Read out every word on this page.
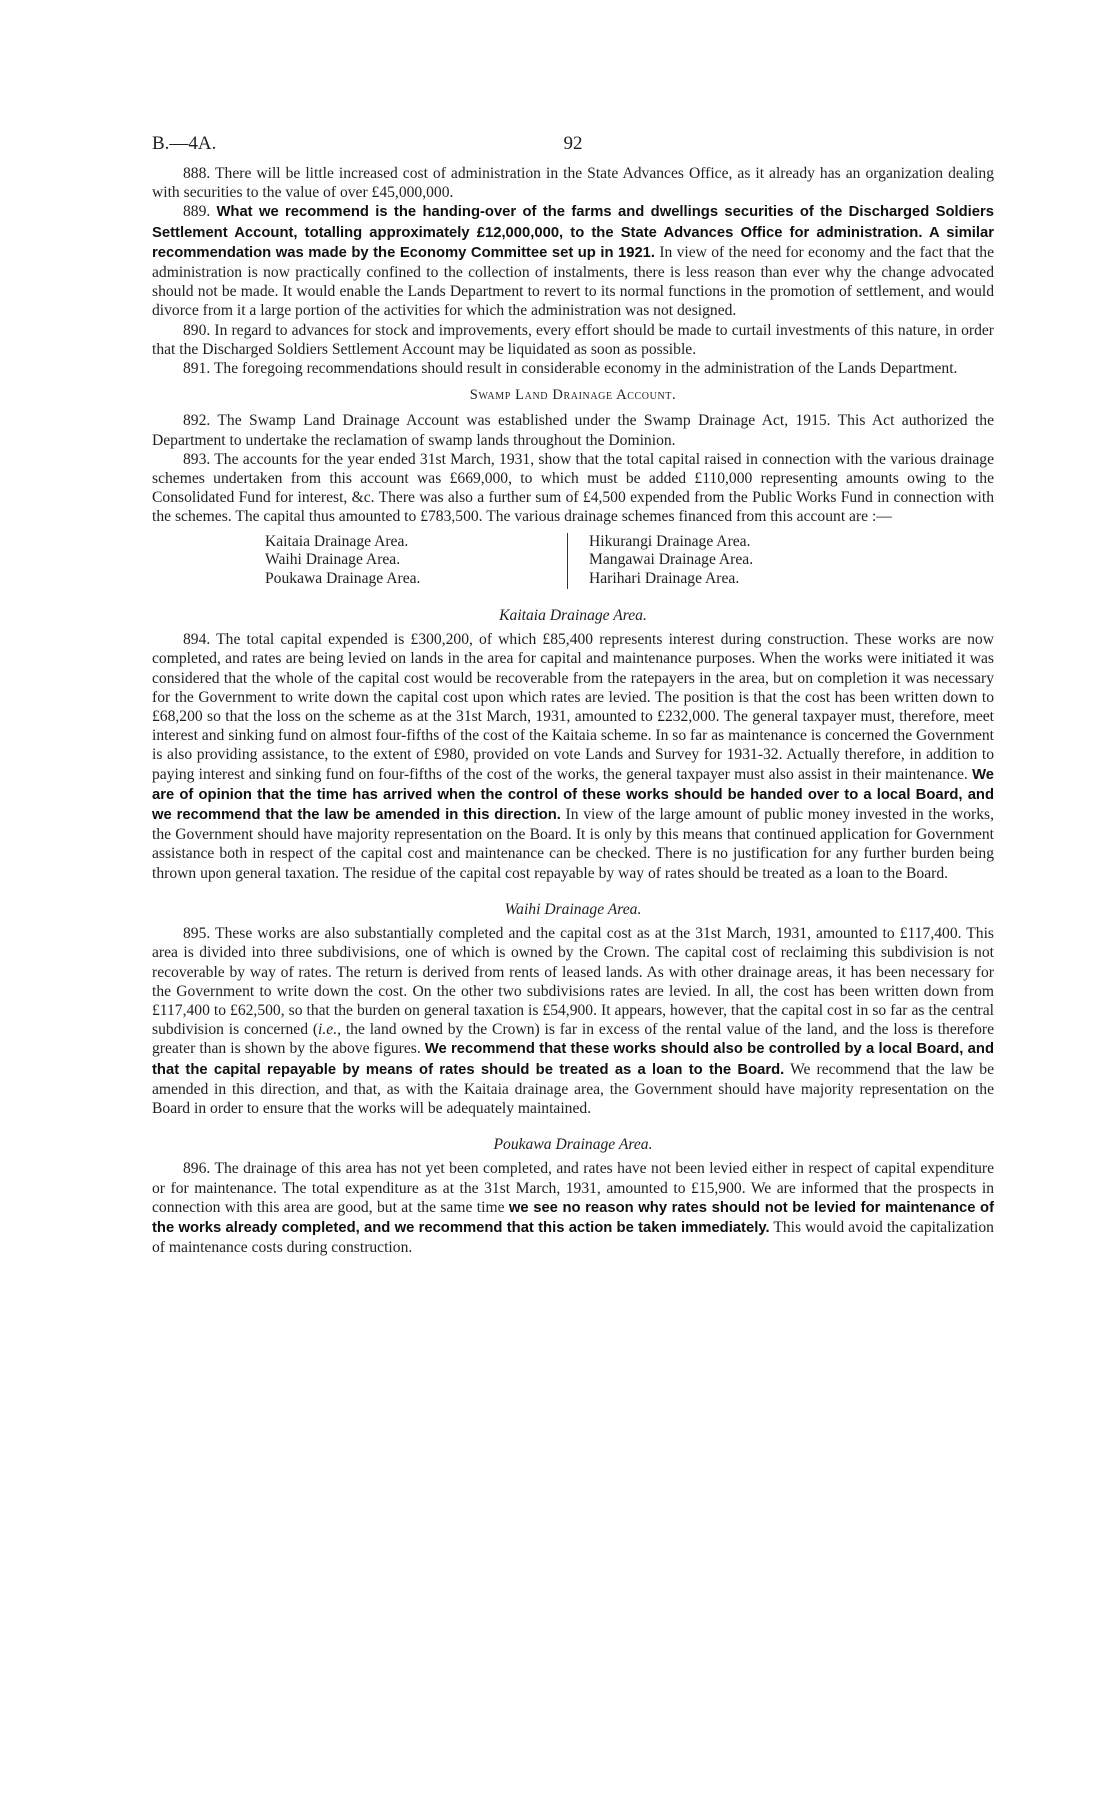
B.—4A.	92

888. There will be little increased cost of administration in the State Advances Office, as it already has an organization dealing with securities to the value of over £45,000,000.

889. What we recommend is the handing-over of the farms and dwellings securities of the Discharged Soldiers Settlement Account, totalling approximately £12,000,000, to the State Advances Office for administration. A similar recommendation was made by the Economy Committee set up in 1921. In view of the need for economy and the fact that the administration is now practically confined to the collection of instalments, there is less reason than ever why the change advocated should not be made. It would enable the Lands Department to revert to its normal functions in the promotion of settlement, and would divorce from it a large portion of the activities for which the administration was not designed.

890. In regard to advances for stock and improvements, every effort should be made to curtail investments of this nature, in order that the Discharged Soldiers Settlement Account may be liquidated as soon as possible.

891. The foregoing recommendations should result in considerable economy in the administration of the Lands Department.

Swamp Land Drainage Account.

892. The Swamp Land Drainage Account was established under the Swamp Drainage Act, 1915. This Act authorized the Department to undertake the reclamation of swamp lands throughout the Dominion.

893. The accounts for the year ended 31st March, 1931, show that the total capital raised in connection with the various drainage schemes undertaken from this account was £669,000, to which must be added £110,000 representing amounts owing to the Consolidated Fund for interest, &c. There was also a further sum of £4,500 expended from the Public Works Fund in connection with the schemes. The capital thus amounted to £783,500. The various drainage schemes financed from this account are :—

Kaitaia Drainage Area.
Waihi Drainage Area.
Poukawa Drainage Area.
Hikurangi Drainage Area.
Mangawai Drainage Area.
Harihari Drainage Area.
Kaitaia Drainage Area.

894. The total capital expended is £300,200, of which £85,400 represents interest during construction. These works are now completed, and rates are being levied on lands in the area for capital and maintenance purposes. When the works were initiated it was considered that the whole of the capital cost would be recoverable from the ratepayers in the area, but on completion it was necessary for the Government to write down the capital cost upon which rates are levied. The position is that the cost has been written down to £68,200 so that the loss on the scheme as at the 31st March, 1931, amounted to £232,000. The general taxpayer must, therefore, meet interest and sinking fund on almost four-fifths of the cost of the Kaitaia scheme. In so far as maintenance is concerned the Government is also providing assistance, to the extent of £980, provided on vote Lands and Survey for 1931-32. Actually therefore, in addition to paying interest and sinking fund on four-fifths of the cost of the works, the general taxpayer must also assist in their maintenance. We are of opinion that the time has arrived when the control of these works should be handed over to a local Board, and we recommend that the law be amended in this direction. In view of the large amount of public money invested in the works, the Government should have majority representation on the Board. It is only by this means that continued application for Government assistance both in respect of the capital cost and maintenance can be checked. There is no justification for any further burden being thrown upon general taxation. The residue of the capital cost repayable by way of rates should be treated as a loan to the Board.

Waihi Drainage Area.

895. These works are also substantially completed and the capital cost as at the 31st March, 1931, amounted to £117,400. This area is divided into three subdivisions, one of which is owned by the Crown. The capital cost of reclaiming this subdivision is not recoverable by way of rates. The return is derived from rents of leased lands. As with other drainage areas, it has been necessary for the Government to write down the cost. On the other two subdivisions rates are levied. In all, the cost has been written down from £117,400 to £62,500, so that the burden on general taxation is £54,900. It appears, however, that the capital cost in so far as the central subdivision is concerned (i.e., the land owned by the Crown) is far in excess of the rental value of the land, and the loss is therefore greater than is shown by the above figures. We recommend that these works should also be controlled by a local Board, and that the capital repayable by means of rates should be treated as a loan to the Board. We recommend that the law be amended in this direction, and that, as with the Kaitaia drainage area, the Government should have majority representation on the Board in order to ensure that the works will be adequately maintained.

Poukawa Drainage Area.

896. The drainage of this area has not yet been completed, and rates have not been levied either in respect of capital expenditure or for maintenance. The total expenditure as at the 31st March, 1931, amounted to £15,900. We are informed that the prospects in connection with this area are good, but at the same time we see no reason why rates should not be levied for maintenance of the works already completed, and we recommend that this action be taken immediately. This would avoid the capitalization of maintenance costs during construction.
